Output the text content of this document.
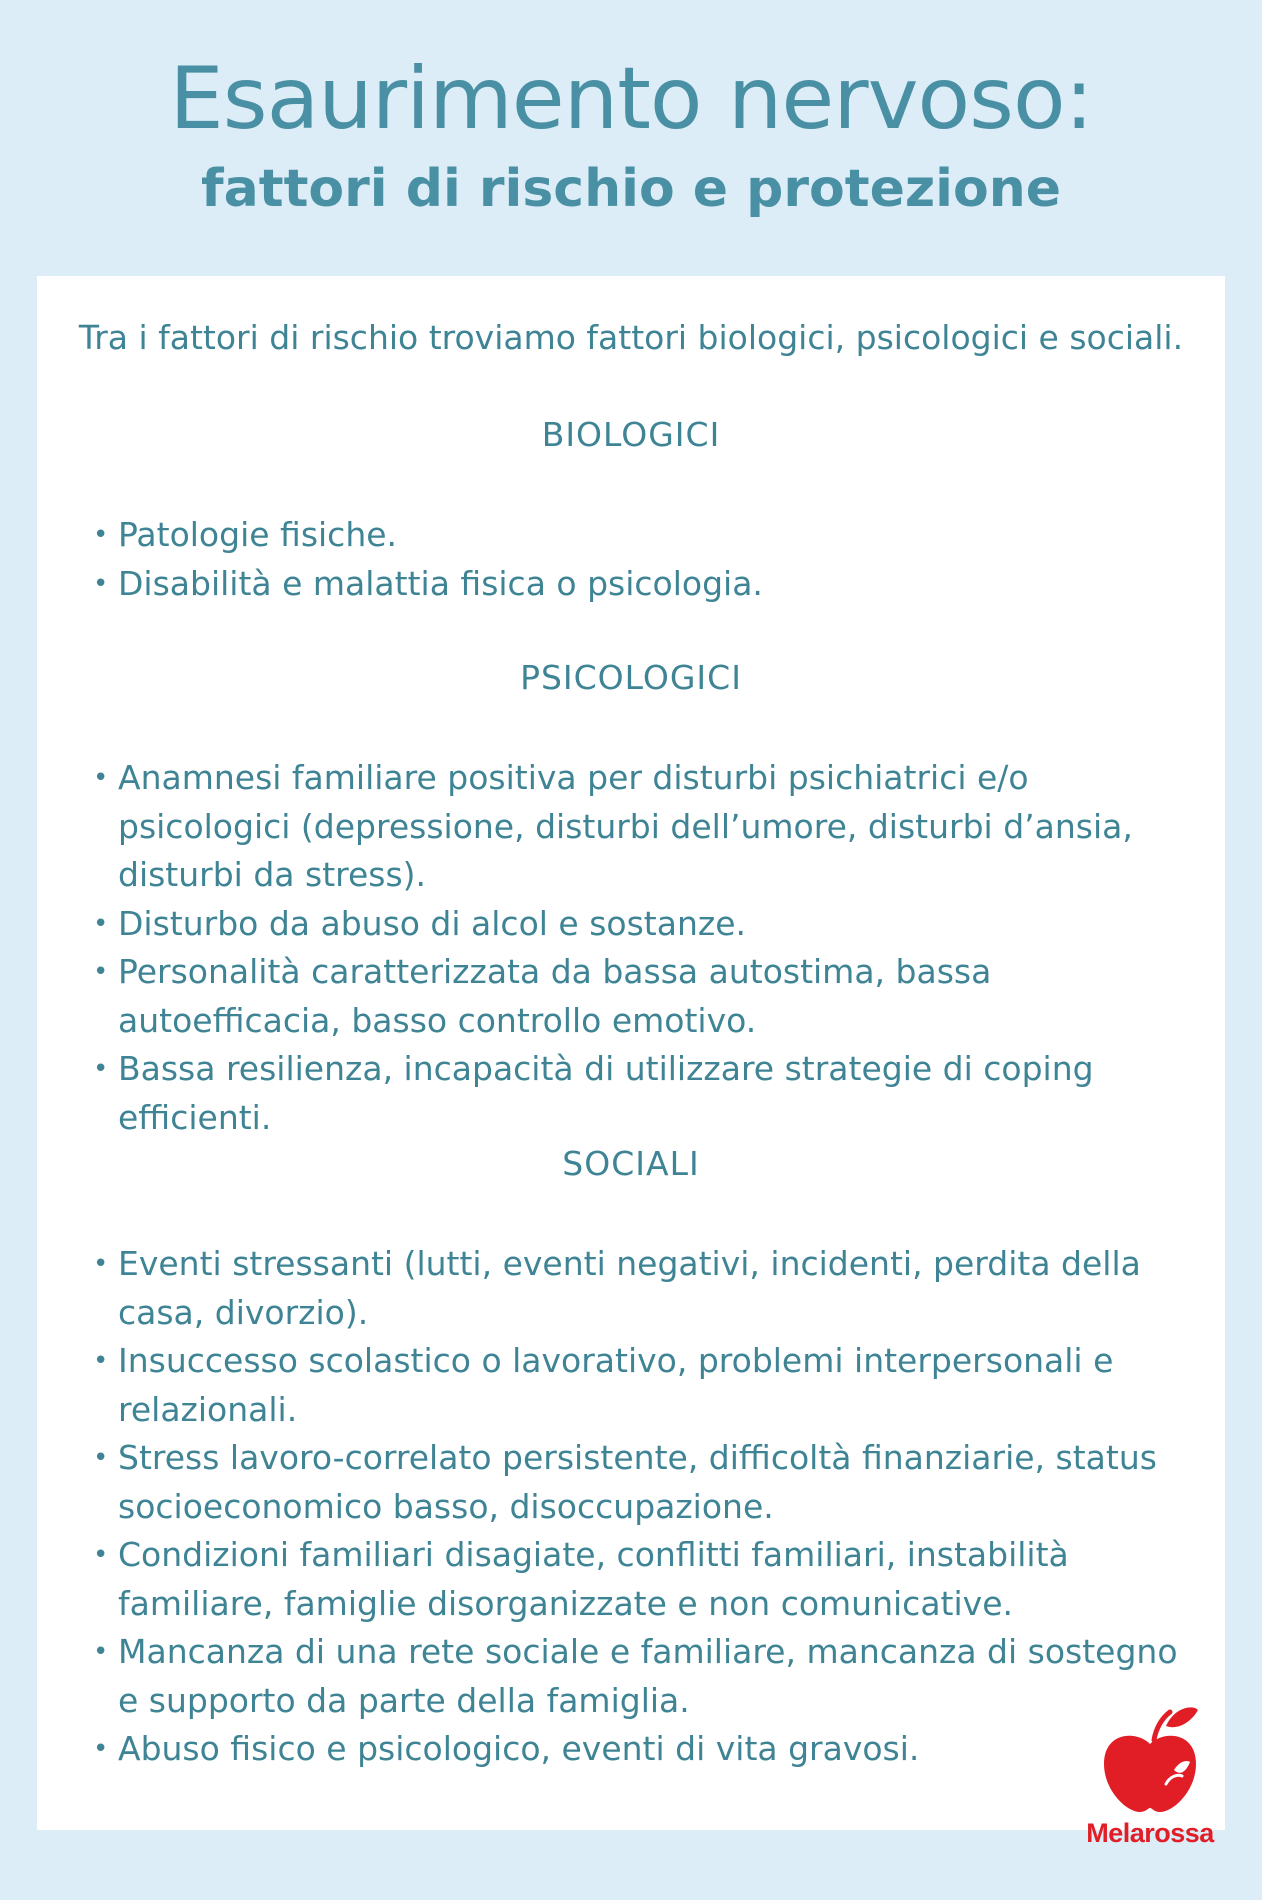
Esaurimento nervoso:
fattori di rischio e protezione
Tra i fattori di rischio troviamo fattori biologici, psicologici e sociali.
BIOLOGICI
• Patologie fisiche.
• Disabilità e malattia fisica o psicologia.
PSICOLOGICI
• Anamnesi familiare positiva per disturbi psichiatrici e/o psicologici (depressione, disturbi dell’umore, disturbi d’ansia, disturbi da stress).
• Disturbo da abuso di alcol e sostanze.
• Personalità caratterizzata da bassa autostima, bassa autoefficacia, basso controllo emotivo.
• Bassa resilienza, incapacità di utilizzare strategie di coping efficienti.
SOCIALI
• Eventi stressanti (lutti, eventi negativi, incidenti, perdita della casa, divorzio).
• Insuccesso scolastico o lavorativo, problemi interpersonali e relazionali.
• Stress lavoro-correlato persistente, difficoltà finanziarie, status socioeconomico basso, disoccupazione.
• Condizioni familiari disagiate, conflitti familiari, instabilità familiare, famiglie disorganizzate e non comunicative.
• Mancanza di una rete sociale e familiare, mancanza di sostegno e supporto da parte della famiglia.
• Abuso fisico e psicologico, eventi di vita gravosi.
Melarossa
